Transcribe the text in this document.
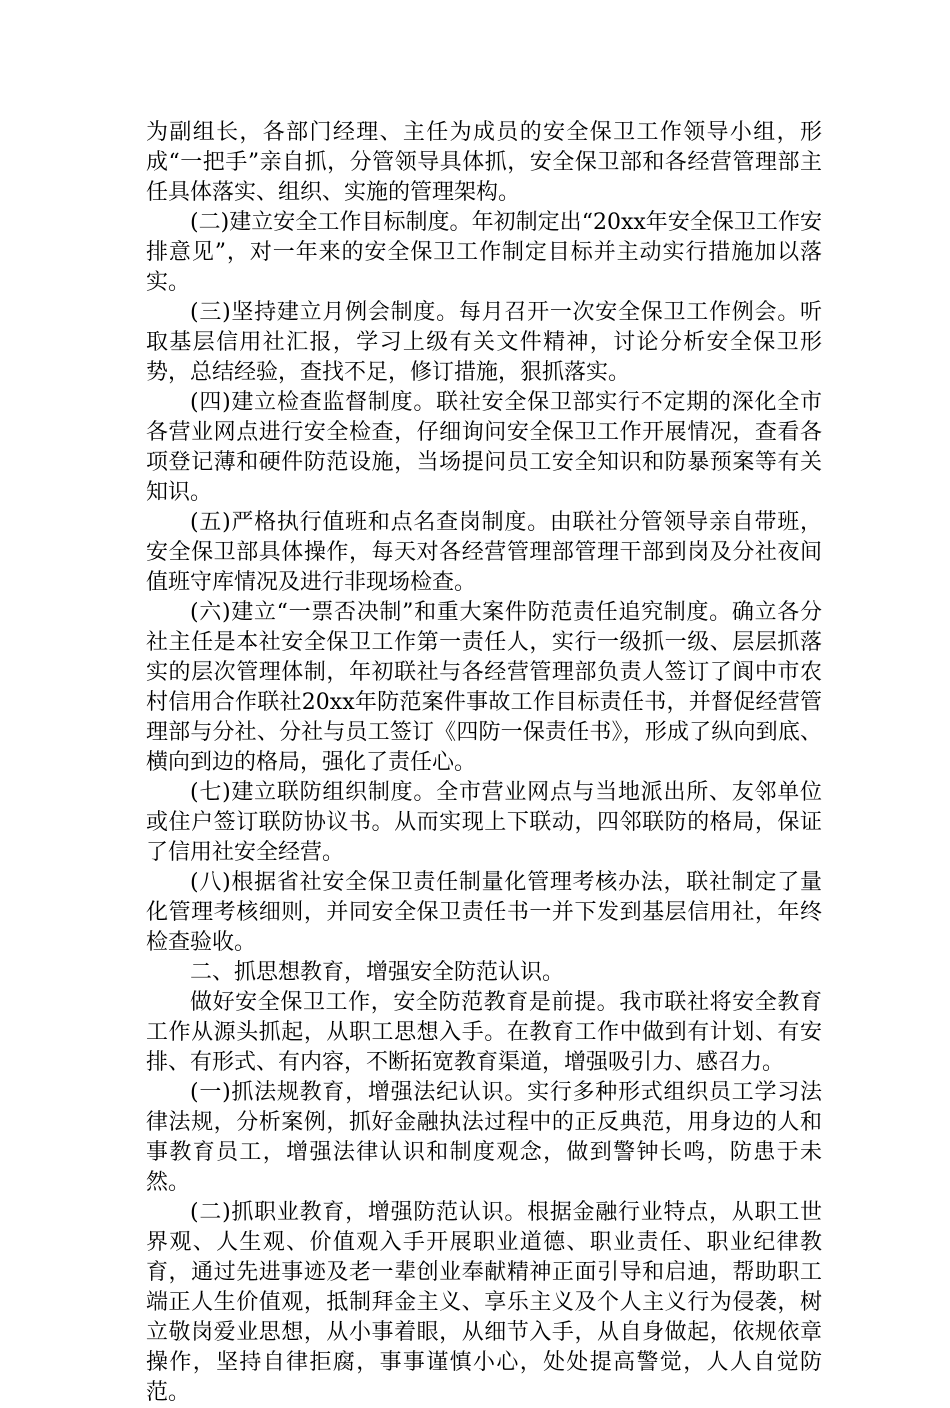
为副组长，各部门经理、主任为成员的安全保卫工作领导小组，形成“一把手”亲自抓，分管领导具体抓，安全保卫部和各经营管理部主任具体落实、组织、实施的管理架构。

(二)建立安全工作目标制度。年初制定出“20xx年安全保卫工作安排意见”，对一年来的安全保卫工作制定目标并主动实行措施加以落实。

(三)坚持建立月例会制度。每月召开一次安全保卫工作例会。听取基层信用社汇报，学习上级有关文件精神，讨论分析安全保卫形势，总结经验，查找不足，修订措施，狠抓落实。

(四)建立检查监督制度。联社安全保卫部实行不定期的深化全市各营业网点进行安全检查，仔细询问安全保卫工作开展情况，查看各项登记薄和硬件防范设施，当场提问员工安全知识和防暴预案等有关知识。

(五)严格执行值班和点名查岗制度。由联社分管领导亲自带班，安全保卫部具体操作，每天对各经营管理部管理干部到岗及分社夜间值班守库情况及进行非现场检查。

(六)建立“一票否决制”和重大案件防范责任追究制度。确立各分社主任是本社安全保卫工作第一责任人，实行一级抓一级、层层抓落实的层次管理体制，年初联社与各经营管理部负责人签订了阆中市农村信用合作联社20xx年防范案件事故工作目标责任书，并督促经营管理部与分社、分社与员工签订《四防一保责任书》，形成了纵向到底、横向到边的格局，强化了责任心。

(七)建立联防组织制度。全市营业网点与当地派出所、友邻单位或住户签订联防协议书。从而实现上下联动，四邻联防的格局，保证了信用社安全经营。

(八)根据省社安全保卫责任制量化管理考核办法，联社制定了量化管理考核细则，并同安全保卫责任书一并下发到基层信用社，年终检查验收。

二、抓思想教育，增强安全防范认识。

做好安全保卫工作，安全防范教育是前提。我市联社将安全教育工作从源头抓起，从职工思想入手。在教育工作中做到有计划、有安排、有形式、有内容，不断拓宽教育渠道，增强吸引力、感召力。

(一)抓法规教育，增强法纪认识。实行多种形式组织员工学习法律法规，分析案例，抓好金融执法过程中的正反典范，用身边的人和事教育员工，增强法律认识和制度观念，做到警钟长鸣，防患于未然。

(二)抓职业教育，增强防范认识。根据金融行业特点，从职工世界观、人生观、价值观入手开展职业道德、职业责任、职业纪律教育，通过先进事迹及老一辈创业奉献精神正面引导和启迪，帮助职工端正人生价值观，抵制拜金主义、享乐主义及个人主义行为侵袭，树立敬岗爱业思想，从小事着眼，从细节入手，从自身做起，依规依章操作，坚持自律拒腐，事事谨慎小心，处处提高警觉，人人自觉防范。
